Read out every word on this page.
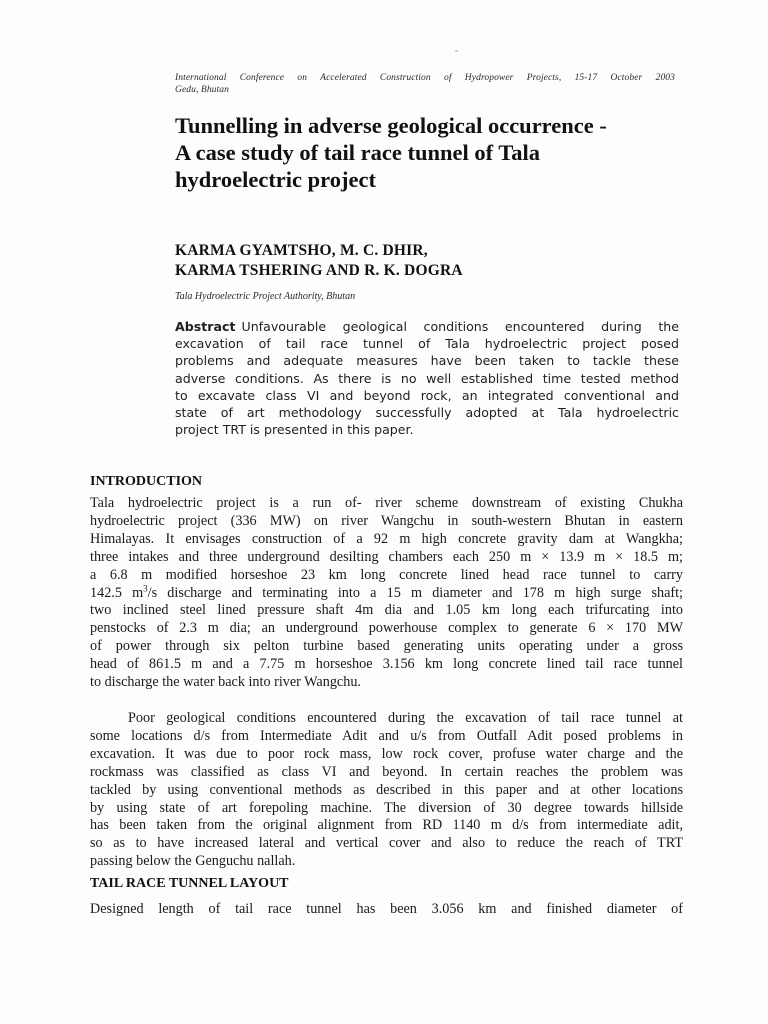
International Conference on Accelerated Construction of Hydropower Projects, 15-17 October 2003
Gedu, Bhutan
Tunnelling in adverse geological occurrence -
A case study of tail race tunnel of Tala
hydroelectric project
KARMA GYAMTSHO, M. C. DHIR,
KARMA TSHERING AND R. K. DOGRA
Tala Hydroelectric Project Authority, Bhutan
Abstract Unfavourable geological conditions encountered during the
excavation of tail race tunnel of Tala hydroelectric project posed
problems and adequate measures have been taken to tackle these
adverse conditions. As there is no well established time tested method
to excavate class VI and beyond rock, an integrated conventional and
state of art methodology successfully adopted at Tala hydroelectric
project TRT is presented in this paper.
INTRODUCTION
Tala hydroelectric project is a run of- river scheme downstream of existing Chukha
hydroelectric project (336 MW) on river Wangchu in south-western Bhutan in eastern
Himalayas. It envisages construction of a 92 m high concrete gravity dam at Wangkha;
three intakes and three underground desilting chambers each 250 m × 13.9 m × 18.5 m;
a 6.8 m modified horseshoe 23 km long concrete lined head race tunnel to carry
142.5 $m^3/s$ discharge and terminating into a 15 m diameter and 178 m high surge shaft;
two inclined steel lined pressure shaft 4m dia and 1.05 km long each trifurcating into
penstocks of 2.3 m dia; an underground powerhouse complex to generate 6 × 170 MW
of power through six pelton turbine based generating units operating under a gross
head of 861.5 m and a 7.75 m horseshoe 3.156 km long concrete lined tail race tunnel
to discharge the water back into river Wangchu.
Poor geological conditions encountered during the excavation of tail race tunnel at
some locations d/s from Intermediate Adit and u/s from Outfall Adit posed problems in
excavation. It was due to poor rock mass, low rock cover, profuse water charge and the
rockmass was classified as class VI and beyond. In certain reaches the problem was
tackled by using conventional methods as described in this paper and at other locations
by using state of art forepoling machine. The diversion of 30 degree towards hillside
has been taken from the original alignment from RD 1140 m d/s from intermediate adit,
so as to have increased lateral and vertical cover and also to reduce the reach of TRT
passing below the Genguchu nallah.
TAIL RACE TUNNEL LAYOUT
Designed length of tail race tunnel has been 3.056 km and finished diameter of
